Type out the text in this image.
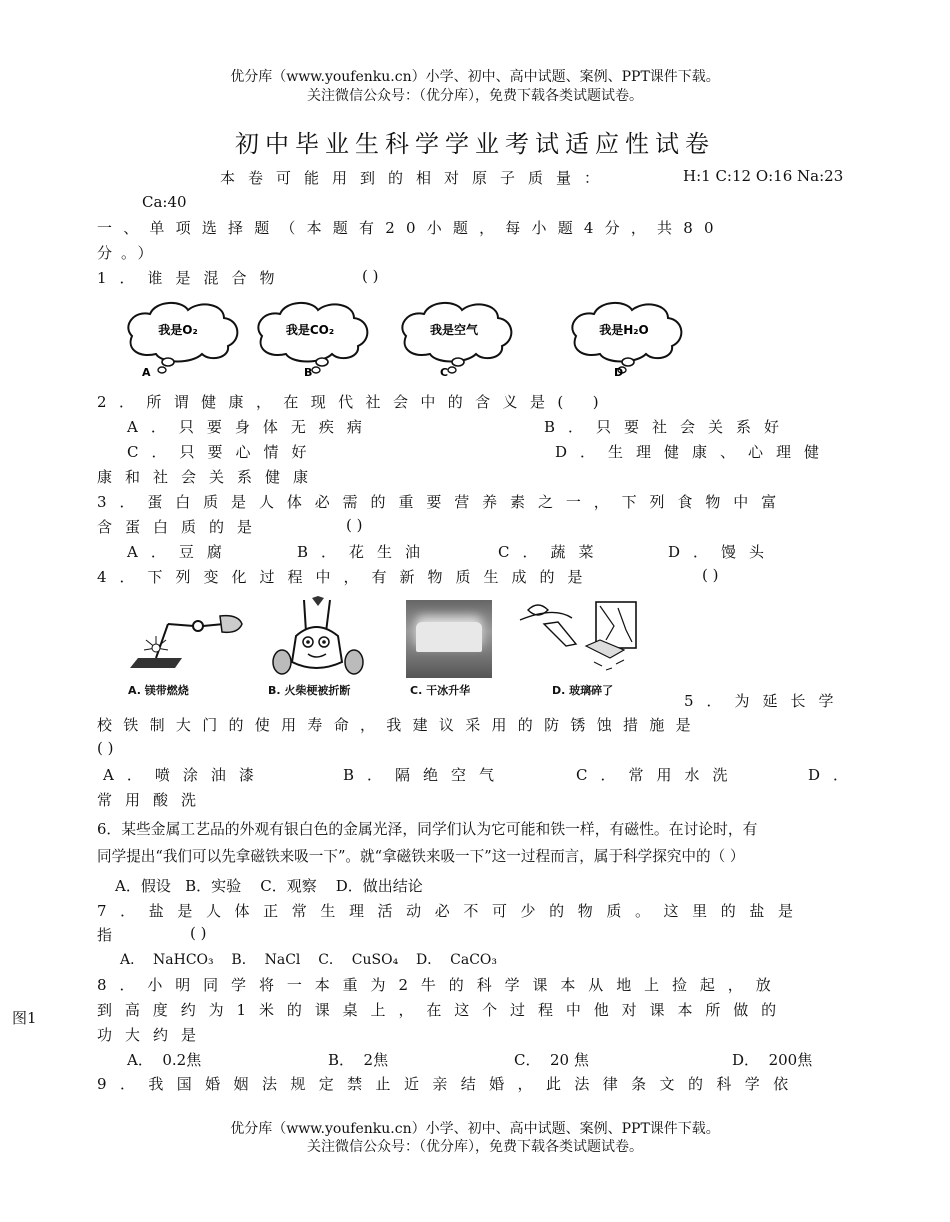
优分库（www.youfenku.cn）小学、初中、高中试题、案例、PPT课件下载。
关注微信公众号：（优分库），免费下载各类试题试卷。
初中毕业生科学学业考试适应性试卷
本卷可能用到的相对原子质量：	H:1 C:12 O:16 Na:23
Ca:40
一、单项选择题（本题有20小题，每小题4分，共80
分。）
1．谁是混合物	( )
我是O₂
A
我是CO₂
B
我是空气
C
我是H₂O
D
2．所谓健康，在现代社会中的含义是( )
A．只要身体无疾病	B．只要社会关系好
C．只要心情好	D．生理健康、心理健
康和社会关系健康
3．蛋白质是人体必需的重要营养素之一，下列食物中富
含蛋白质的是	( )
A．豆腐	B．花生油	C．蔬菜	D．馒头
4．下列变化过程中，有新物质生成的是	( )
A. 镁带燃烧	B. 火柴梗被折断	C. 干冰升华	D. 玻璃碎了
5．为延长学
校铁制大门的使用寿命，我建议采用的防锈蚀措施是
( )
A．喷涂油漆	B．隔绝空气	C．常用水洗	D．
常用酸洗
6．某些金属工艺品的外观有银白色的金属光泽，同学们认为它可能和铁一样，有磁性。在讨论时，有
同学提出“我们可以先拿磁铁来吸一下”。就“拿磁铁来吸一下”这一过程而言，属于科学探究中的（ ）
A．假设   B．实验    C．观察    D．做出结论
7．盐是人体正常生理活动必不可少的物质。这里的盐是
指	( )
A．  NaHCO₃    B．  NaCl    C．  CuSO₄    D．  CaCO₃
8．小明同学将一本重为2牛的科学课本从地上捡起，放
到高度约为1米的课桌上，在这个过程中他对课本所做的
功大约是
图1
A．  0.2焦	B．  2焦	C．  20 焦	D．  200焦
9．我国婚姻法规定禁止近亲结婚，此法律条文的科学依
优分库（www.youfenku.cn）小学、初中、高中试题、案例、PPT课件下载。
关注微信公众号：（优分库），免费下载各类试题试卷。
